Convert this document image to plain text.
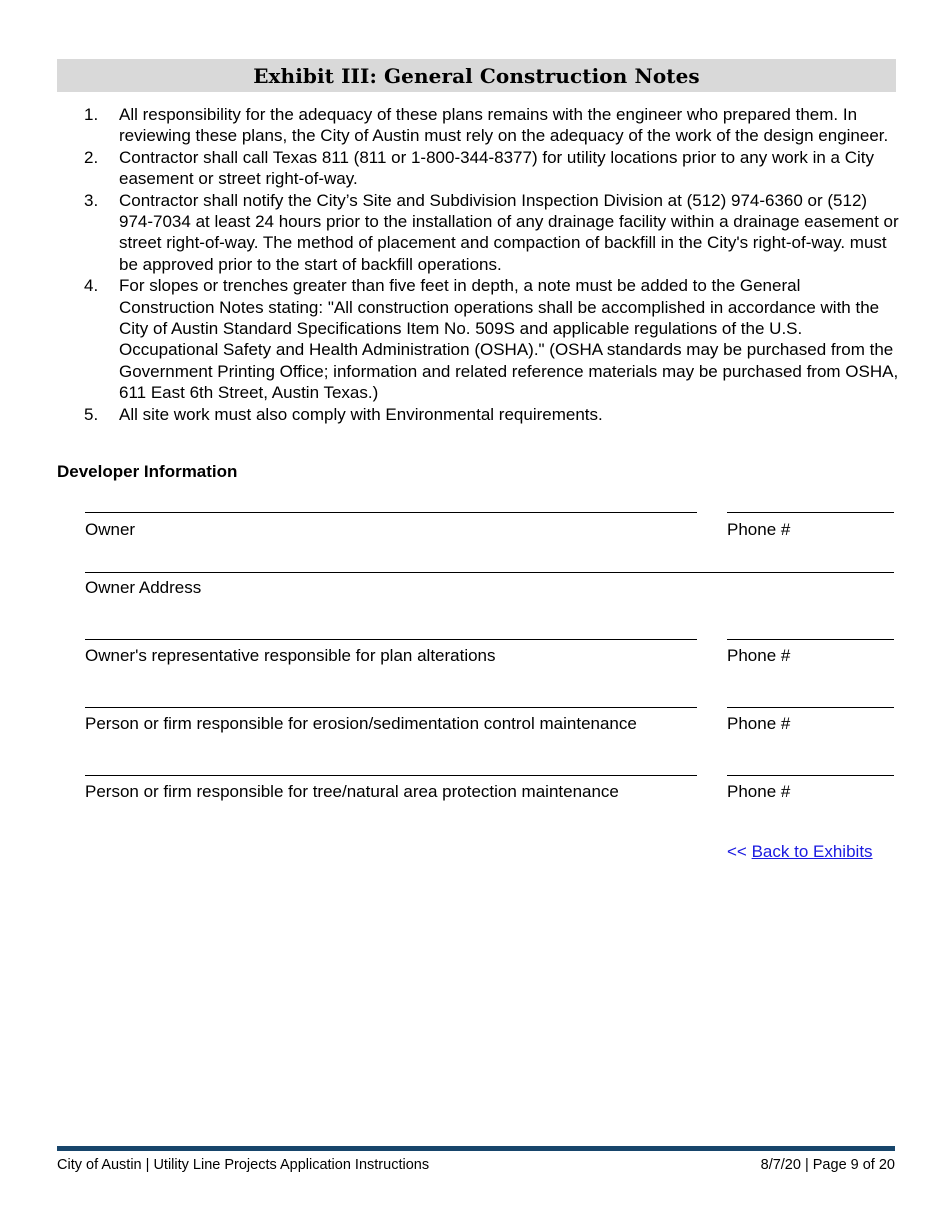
Exhibit III: General Construction Notes
1.	All responsibility for the adequacy of these plans remains with the engineer who prepared them. In reviewing these plans, the City of Austin must rely on the adequacy of the work of the design engineer.
2.	Contractor shall call Texas 811 (811 or 1-800-344-8377) for utility locations prior to any work in a City easement or street right-of-way.
3.	Contractor shall notify the City’s Site and Subdivision Inspection Division at (512) 974-6360 or (512) 974-7034 at least 24 hours prior to the installation of any drainage facility within a drainage easement or street right-of-way. The method of placement and compaction of backfill in the City's right-of-way. must be approved prior to the start of backfill operations.
4.	For slopes or trenches greater than five feet in depth, a note must be added to the General Construction Notes stating: "All construction operations shall be accomplished in accordance with the City of Austin Standard Specifications Item No. 509S and applicable regulations of the U.S. Occupational Safety and Health Administration (OSHA)." (OSHA standards may be purchased from the Government Printing Office; information and related reference materials may be purchased from OSHA, 611 East 6th Street, Austin Texas.)
5.	All site work must also comply with Environmental requirements.
Developer Information
Owner	Phone #
Owner Address
Owner's representative responsible for plan alterations	Phone #
Person or firm responsible for erosion/sedimentation control maintenance	Phone #
Person or firm responsible for tree/natural area protection maintenance	Phone #
<< Back to Exhibits
City of Austin | Utility Line Projects Application Instructions	8/7/20 | Page 9 of 20
